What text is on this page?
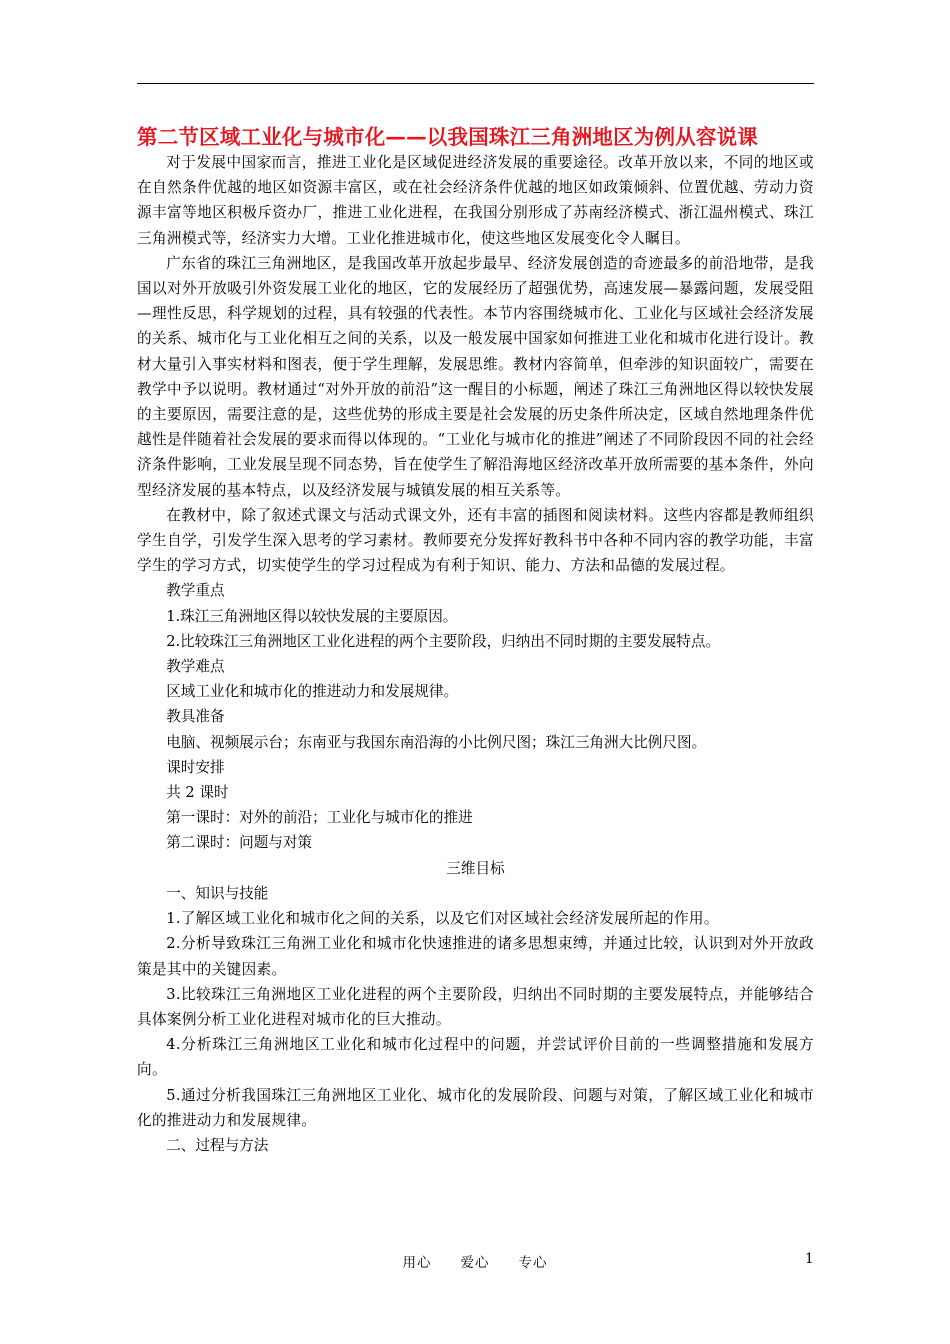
第二节区域工业化与城市化——以我国珠江三角洲地区为例从容说课

对于发展中国家而言，推进工业化是区域促进经济发展的重要途径。改革开放以来，不同的地区或在自然条件优越的地区如资源丰富区，或在社会经济条件优越的地区如政策倾斜、位置优越、劳动力资源丰富等地区积极斥资办厂，推进工业化进程，在我国分别形成了苏南经济模式、浙江温州模式、珠江三角洲模式等，经济实力大增。工业化推进城市化，使这些地区发展变化令人瞩目。

广东省的珠江三角洲地区，是我国改革开放起步最早、经济发展创造的奇迹最多的前沿地带，是我国以对外开放吸引外资发展工业化的地区，它的发展经历了超强优势，高速发展—暴露问题，发展受阻—理性反思，科学规划的过程，具有较强的代表性。本节内容围绕城市化、工业化与区域社会经济发展的关系、城市化与工业化相互之间的关系，以及一般发展中国家如何推进工业化和城市化进行设计。教材大量引入事实材料和图表，便于学生理解，发展思维。教材内容简单，但牵涉的知识面较广，需要在教学中予以说明。教材通过“对外开放的前沿”这一醒目的小标题，阐述了珠江三角洲地区得以较快发展的主要原因，需要注意的是，这些优势的形成主要是社会发展的历史条件所决定，区域自然地理条件优越性是伴随着社会发展的要求而得以体现的。“工业化与城市化的推进”阐述了不同阶段因不同的社会经济条件影响，工业发展呈现不同态势，旨在使学生了解沿海地区经济改革开放所需要的基本条件，外向型经济发展的基本特点，以及经济发展与城镇发展的相互关系等。

在教材中，除了叙述式课文与活动式课文外，还有丰富的插图和阅读材料。这些内容都是教师组织学生自学，引发学生深入思考的学习素材。教师要充分发挥好教科书中各种不同内容的教学功能，丰富学生的学习方式，切实使学生的学习过程成为有利于知识、能力、方法和品德的发展过程。

教学重点

1.珠江三角洲地区得以较快发展的主要原因。

2.比较珠江三角洲地区工业化进程的两个主要阶段，归纳出不同时期的主要发展特点。

教学难点

区域工业化和城市化的推进动力和发展规律。

教具准备

电脑、视频展示台；东南亚与我国东南沿海的小比例尺图；珠江三角洲大比例尺图。

课时安排

共 2 课时

第一课时：对外的前沿；工业化与城市化的推进

第二课时：问题与对策

三维目标

一、知识与技能

1.了解区域工业化和城市化之间的关系，以及它们对区域社会经济发展所起的作用。

2.分析导致珠江三角洲工业化和城市化快速推进的诸多思想束缚，并通过比较，认识到对外开放政策是其中的关键因素。

3.比较珠江三角洲地区工业化进程的两个主要阶段，归纳出不同时期的主要发展特点，并能够结合具体案例分析工业化进程对城市化的巨大推动。

4.分析珠江三角洲地区工业化和城市化过程中的问题，并尝试评价目前的一些调整措施和发展方向。

5.通过分析我国珠江三角洲地区工业化、城市化的发展阶段、问题与对策，了解区域工业化和城市化的推进动力和发展规律。

二、过程与方法

用心　　爱心　　专心	1
